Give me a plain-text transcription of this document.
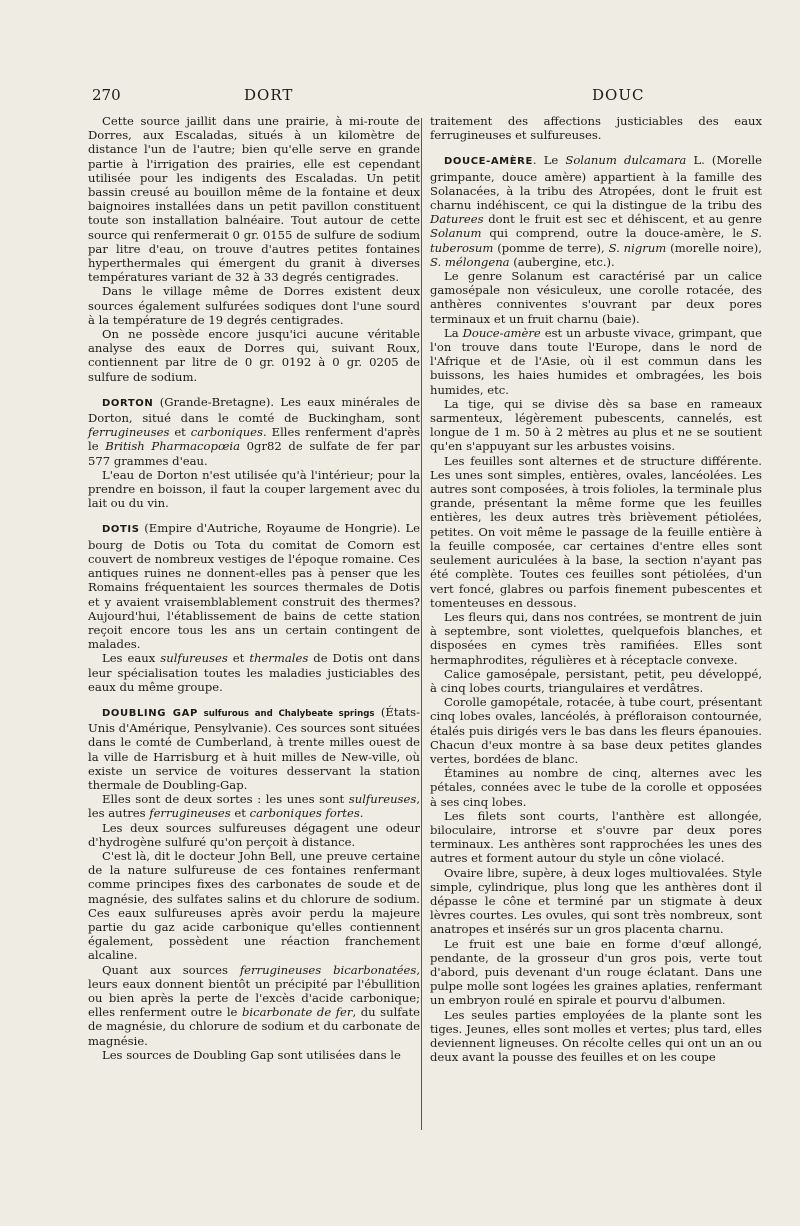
270	DORT	DOUC

Cette source jaillit dans une prairie, à mi-route de Dorres, aux Escaladas, situés à un kilomètre de distance l'un de l'autre; bien qu'elle serve en grande partie à l'irrigation des prairies, elle est cependant utilisée pour les indigents des Escaladas. Un petit bassin creusé au bouillon même de la fontaine et deux baignoires installées dans un petit pavillon constituent toute son installation balnéaire. Tout autour de cette source qui renfermerait 0 gr. 0155 de sulfure de sodium par litre d'eau, on trouve d'autres petites fontaines hyperthermales qui émergent du granit à diverses températures variant de 32 à 33 degrés centigrades.

Dans le village même de Dorres existent deux sources également sulfurées sodiques dont l'une sourd à la température de 19 degrés centigrades.

On ne possède encore jusqu'ici aucune véritable analyse des eaux de Dorres qui, suivant Roux, contiennent par litre de 0 gr. 0192 à 0 gr. 0205 de sulfure de sodium.

DORTON (Grande-Bretagne). Les eaux minérales de Dorton, situé dans le comté de Buckingham, sont ferrugineuses et carboniques. Elles renferment d'après le British Pharmacopœia 0gr82 de sulfate de fer par 577 grammes d'eau.

L'eau de Dorton n'est utilisée qu'à l'intérieur; pour la prendre en boisson, il faut la couper largement avec du lait ou du vin.

DOTIS (Empire d'Autriche, Royaume de Hongrie). Le bourg de Dotis ou Tota du comitat de Comorn est couvert de nombreux vestiges de l'époque romaine. Ces antiques ruines ne donnent-elles pas à penser que les Romains fréquentaient les sources thermales de Dotis et y avaient vraisemblablement construit des thermes? Aujourd'hui, l'établissement de bains de cette station reçoit encore tous les ans un certain contingent de malades.

Les eaux sulfureuses et thermales de Dotis ont dans leur spécialisation toutes les maladies justiciables des eaux du même groupe.

DOUBLING GAP sulfurous and Chalybeate springs (États-Unis d'Amérique, Pensylvanie). Ces sources sont situées dans le comté de Cumberland, à trente milles ouest de la ville de Harrisburg et à huit milles de New-ville, où existe un service de voitures desservant la station thermale de Doubling-Gap.

Elles sont de deux sortes : les unes sont sulfureuses, les autres ferrugineuses et carboniques fortes.

Les deux sources sulfureuses dégagent une odeur d'hydrogène sulfuré qu'on perçoit à distance.

C'est là, dit le docteur John Bell, une preuve certaine de la nature sulfureuse de ces fontaines renfermant comme principes fixes des carbonates de soude et de magnésie, des sulfates salins et du chlorure de sodium. Ces eaux sulfureuses après avoir perdu la majeure partie du gaz acide carbonique qu'elles contiennent également, possèdent une réaction franchement alcaline.

Quant aux sources ferrugineuses bicarbonatées, leurs eaux donnent bientôt un précipité par l'ébullition ou bien après la perte de l'excès d'acide carbonique; elles renferment outre le bicarbonate de fer, du sulfate de magnésie, du chlorure de sodium et du carbonate de magnésie.

Les sources de Doubling Gap sont utilisées dans le

traitement des affections justiciables des eaux ferrugineuses et sulfureuses.

DOUCE-AMÈRE. Le Solanum dulcamara L. (Morelle grimpante, douce amère) appartient à la famille des Solanacées, à la tribu des Atropées, dont le fruit est charnu indéhiscent, ce qui la distingue de la tribu des Daturees dont le fruit est sec et déhiscent, et au genre Solanum qui comprend, outre la douce-amère, le S. tuberosum (pomme de terre), S. nigrum (morelle noire), S. mélongena (aubergine, etc.).

Le genre Solanum est caractérisé par un calice gamosépale non vésiculeux, une corolle rotacée, des anthères conniventes s'ouvrant par deux pores terminaux et un fruit charnu (baie).

La Douce-amère est un arbuste vivace, grimpant, que l'on trouve dans toute l'Europe, dans le nord de l'Afrique et de l'Asie, où il est commun dans les buissons, les haies humides et ombragées, les bois humides, etc.

La tige, qui se divise dès sa base en rameaux sarmenteux, légèrement pubescents, cannelés, est longue de 1 m. 50 à 2 mètres au plus et ne se soutient qu'en s'appuyant sur les arbustes voisins.

Les feuilles sont alternes et de structure différente. Les unes sont simples, entières, ovales, lancéolées. Les autres sont composées, à trois folioles, la terminale plus grande, présentant la même forme que les feuilles entières, les deux autres très brièvement pétiolées, petites. On voit même le passage de la feuille entière à la feuille composée, car certaines d'entre elles sont seulement auriculées à la base, la section n'ayant pas été complète. Toutes ces feuilles sont pétiolées, d'un vert foncé, glabres ou parfois finement pubescentes et tomenteuses en dessous.

Les fleurs qui, dans nos contrées, se montrent de juin à septembre, sont violettes, quelquefois blanches, et disposées en cymes très ramifiées. Elles sont hermaphrodites, régulières et à réceptacle convexe.

Calice gamosépale, persistant, petit, peu développé, à cinq lobes courts, triangulaires et verdâtres.

Corolle gamopétale, rotacée, à tube court, présentant cinq lobes ovales, lancéolés, à préfloraison contournée, étalés puis dirigés vers le bas dans les fleurs épanouies. Chacun d'eux montre à sa base deux petites glandes vertes, bordées de blanc.

Étamines au nombre de cinq, alternes avec les pétales, connées avec le tube de la corolle et opposées à ses cinq lobes.

Les filets sont courts, l'anthère est allongée, biloculaire, introrse et s'ouvre par deux pores terminaux. Les anthères sont rapprochées les unes des autres et forment autour du style un cône violacé.

Ovaire libre, supère, à deux loges multiovalées. Style simple, cylindrique, plus long que les anthères dont il dépasse le cône et terminé par un stigmate à deux lèvres courtes. Les ovules, qui sont très nombreux, sont anatropes et insérés sur un gros placenta charnu.

Le fruit est une baie en forme d'œuf allongé, pendante, de la grosseur d'un gros pois, verte tout d'abord, puis devenant d'un rouge éclatant. Dans une pulpe molle sont logées les graines aplaties, renfermant un embryon roulé en spirale et pourvu d'albumen.

Les seules parties employées de la plante sont les tiges. Jeunes, elles sont molles et vertes; plus tard, elles deviennent ligneuses. On récolte celles qui ont un an ou deux avant la pousse des feuilles et on les coupe
